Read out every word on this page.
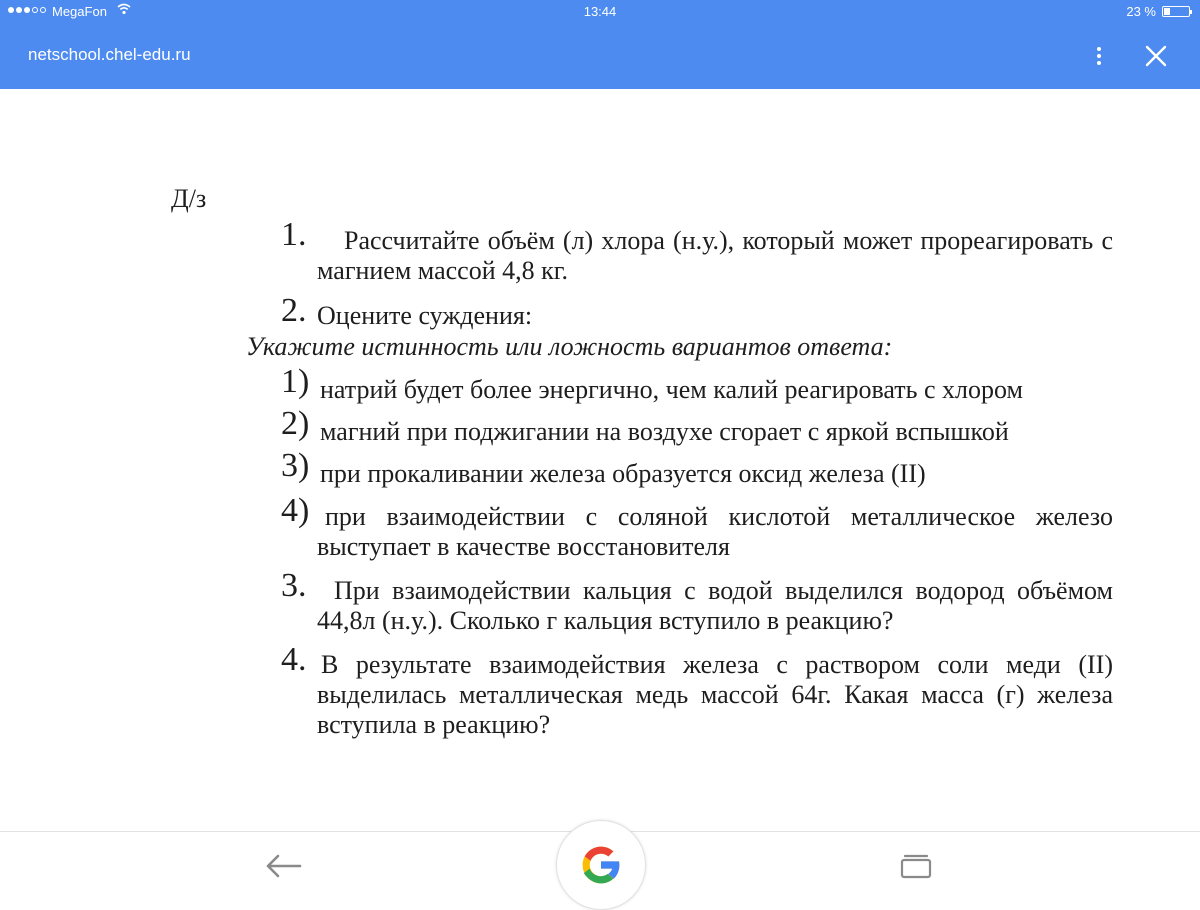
MegaFon	13:44	23 %
netschool.chel-edu.ru
Д/з
1.	Рассчитайте объём (л) хлора (н.у.), который может прореагировать с магнием массой 4,8 кг.
2. Оцените суждения:
Укажите истинность или ложность вариантов ответа:
1) натрий будет более энергично, чем калий реагировать с хлором
2) магний при поджигании на воздухе сгорает с яркой вспышкой
3) при прокаливании железа образуется оксид железа (II)
4) при взаимодействии с соляной кислотой металлическое железо выступает в качестве восстановителя
3.	При взаимодействии кальция с водой выделился водород объёмом 44,8л (н.у.). Сколько г кальция вступило в реакцию?
4. В результате взаимодействия железа с раствором соли меди (II) выделилась металлическая медь массой 64г. Какая масса (г) железа вступила в реакцию?
